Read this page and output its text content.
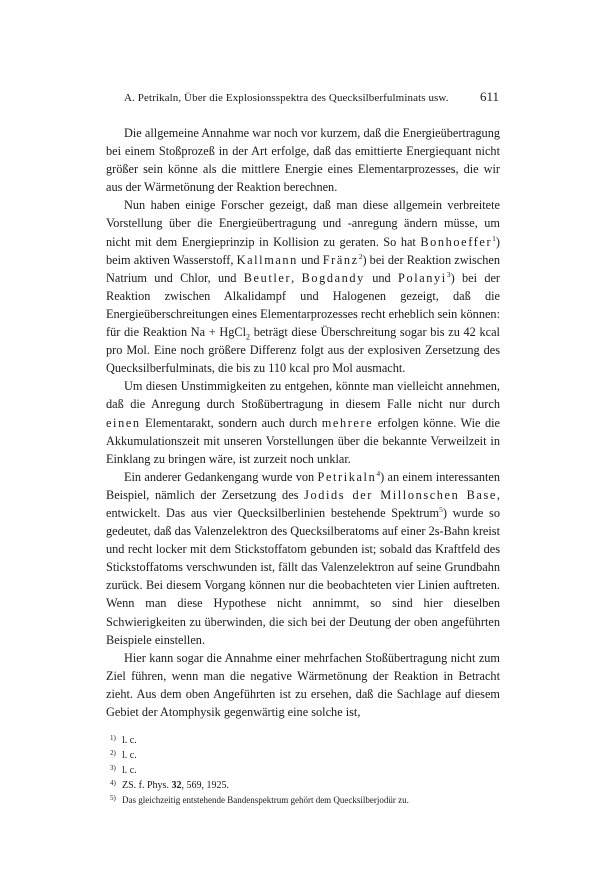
A. Petrikaln, Über die Explosionsspektra des Quecksilberfulminats usw.	611

Die allgemeine Annahme war noch vor kurzem, daß die Energieübertragung bei einem Stoßprozeß in der Art erfolge, daß das emittierte Energiequant nicht größer sein könne als die mittlere Energie eines Elementarprozesses, die wir aus der Wärmetönung der Reaktion berechnen.

Nun haben einige Forscher gezeigt, daß man diese allgemein verbreitete Vorstellung über die Energieübertragung und -anregung ändern müsse, um nicht mit dem Energieprinzip in Kollision zu geraten. So hat Bonhoeffer$^1$) beim aktiven Wasserstoff, Kallmann und Fränz$^2$) bei der Reaktion zwischen Natrium und Chlor, und Beutler, Bogdandy und Polanyi$^3$) bei der Reaktion zwischen Alkalidampf und Halogenen gezeigt, daß die Energieüberschreitungen eines Elementarprozesses recht erheblich sein können: für die Reaktion Na + HgCl$_2$ beträgt diese Überschreitung sogar bis zu 42 kcal pro Mol. Eine noch größere Differenz folgt aus der explosiven Zersetzung des Quecksilberfulminats, die bis zu 110 kcal pro Mol ausmacht.

Um diesen Unstimmigkeiten zu entgehen, könnte man vielleicht annehmen, daß die Anregung durch Stoßübertragung in diesem Falle nicht nur durch einen Elementarakt, sondern auch durch mehrere erfolgen könne. Wie die Akkumulationszeit mit unseren Vorstellungen über die bekannte Verweilzeit in Einklang zu bringen wäre, ist zurzeit noch unklar.

Ein anderer Gedankengang wurde von Petrikaln$^4$) an einem interessanten Beispiel, nämlich der Zersetzung des Jodids der Millonschen Base, entwickelt. Das aus vier Quecksilberlinien bestehende Spektrum$^5$) wurde so gedeutet, daß das Valenzelektron des Quecksilberatoms auf einer 2s-Bahn kreist und recht locker mit dem Stickstoffatom gebunden ist; sobald das Kraftfeld des Stickstoffatoms verschwunden ist, fällt das Valenzelektron auf seine Grundbahn zurück. Bei diesem Vorgang können nur die beobachteten vier Linien auftreten. Wenn man diese Hypothese nicht annimmt, so sind hier dieselben Schwierigkeiten zu überwinden, die sich bei der Deutung der oben angeführten Beispiele einstellen.

Hier kann sogar die Annahme einer mehrfachen Stoßübertragung nicht zum Ziel führen, wenn man die negative Wärmetönung der Reaktion in Betracht zieht. Aus dem oben Angeführten ist zu ersehen, daß die Sachlage auf diesem Gebiet der Atomphysik gegenwärtig eine solche ist,

1) l. c.
2) l. c.
3) l. c.
4) ZS. f. Phys. 32, 569, 1925.
5) Das gleichzeitig entstehende Bandenspektrum gehört dem Quecksilberjodür zu.
